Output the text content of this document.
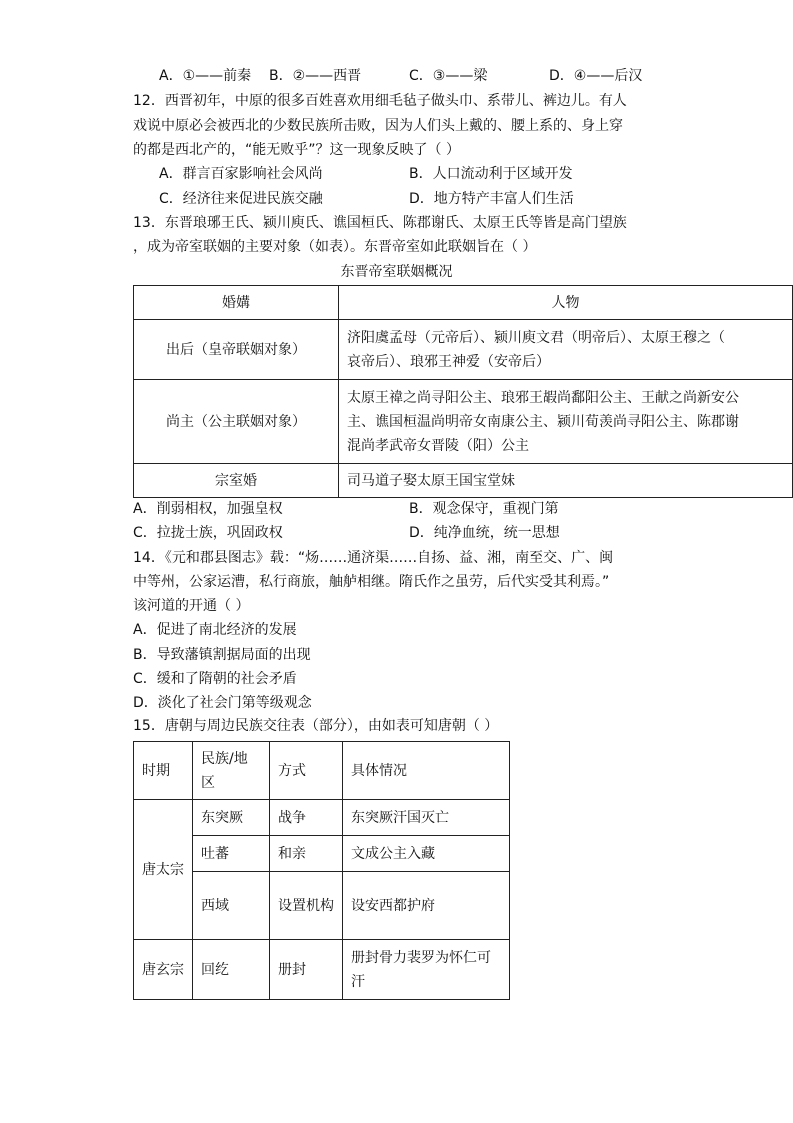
A．①——前秦 B．②——西晋	C．③——梁	D．④——后汉
12．西晋初年，中原的很多百姓喜欢用细毛毡子做头巾、系带儿、裤边儿。有人
戏说中原必会被西北的少数民族所击败，因为人们头上戴的、腰上系的、身上穿
的都是西北产的，“能无败乎”？这一现象反映了（ ）
A．群言百家影响社会风尚	B．人口流动利于区域开发
C．经济往来促进民族交融	D．地方特产丰富人们生活
13．东晋琅琊王氏、颍川庾氏、谯国桓氏、陈郡谢氏、太原王氏等皆是高门望族
，成为帝室联姻的主要对象（如表）。东晋帝室如此联姻旨在（ ）
东晋帝室联姻概况
婚媾	人物
出后（皇帝联姻对象）	济阳虞孟母（元帝后）、颍川庾文君（明帝后）、太原王穆之（
哀帝后）、琅邪王神爱（安帝后）

尚主（公主联姻对象）	太原王禕之尚寻阳公主、琅邪王嘏尚鄱阳公主、王献之尚新安公
主、谯国桓温尚明帝女南康公主、颍川荀羡尚寻阳公主、陈郡谢
混尚孝武帝女晋陵（阳）公主

宗室婚	司马道子娶太原王国宝堂妹
A．削弱相权，加强皇权	B．观念保守，重视门第
C．拉拢士族，巩固政权	D．纯净血统，统一思想
14．《元和郡县图志》载：“炀……通济渠……自扬、益、湘，南至交、广、闽
中等州，公家运漕，私行商旅，舳舻相继。隋氏作之虽劳，后代实受其利焉。”
该河道的开通（ ）
A．促进了南北经济的发展
B．导致藩镇割据局面的出现
C．缓和了隋朝的社会矛盾
D．淡化了社会门第等级观念
15．唐朝与周边民族交往表（部分），由如表可知唐朝（ ）
时期	民族/地区	方式	具体情况
唐太宗	东突厥	战争	东突厥汗国灭亡
	吐蕃	和亲	文成公主入藏
	西域	设置机构	设安西都护府
唐玄宗	回纥	册封	册封骨力裴罗为怀仁可汗
